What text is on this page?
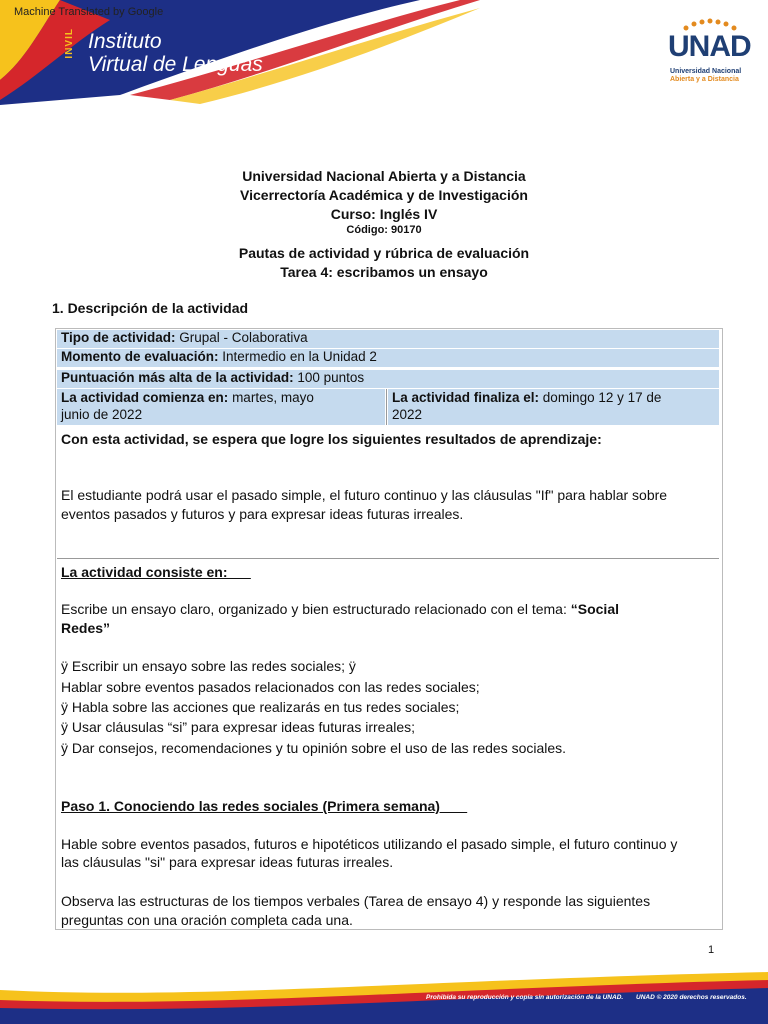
Machine Translated by Google
INVIL Instituto
Virtual de Lenguas
UNAD
Universidad Nacional
Abierta y a Distancia
Universidad Nacional Abierta y a Distancia
Vicerrectoría Académica y de Investigación
Curso: Inglés IV
Código: 90170
Pautas de actividad y rúbrica de evaluación
Tarea 4: escribamos un ensayo
1. Descripción de la actividad
Tipo de actividad: Grupal - Colaborativa
Momento de evaluación: Intermedio en la Unidad 2
Puntuación más alta de la actividad: 100 puntos
La actividad comienza en: martes, mayo
junio de 2022
La actividad finaliza el: domingo 12 y 17 de
2022
Con esta actividad, se espera que logre los siguientes resultados de aprendizaje:
El estudiante podrá usar el pasado simple, el futuro continuo y las cláusulas "If" para hablar sobre
eventos pasados y futuros y para expresar ideas futuras irreales.
La actividad consiste en:
Escribe un ensayo claro, organizado y bien estructurado relacionado con el tema: “Social
Redes”
ÿ Escribir un ensayo sobre las redes sociales; ÿ
Hablar sobre eventos pasados relacionados con las redes sociales;
ÿ Habla sobre las acciones que realizarás en tus redes sociales;
ÿ Usar cláusulas “si” para expresar ideas futuras irreales;
ÿ Dar consejos, recomendaciones y tu opinión sobre el uso de las redes sociales.
Paso 1. Conociendo las redes sociales (Primera semana)
Hable sobre eventos pasados, futuros e hipotéticos utilizando el pasado simple, el futuro continuo y
las cláusulas "si" para expresar ideas futuras irreales.
Observa las estructuras de los tiempos verbales (Tarea de ensayo 4) y responde las siguientes
preguntas con una oración completa cada una.
1
Prohibida su reproducción y copia sin autorización de la UNAD. UNAD © 2020 derechos reservados.
